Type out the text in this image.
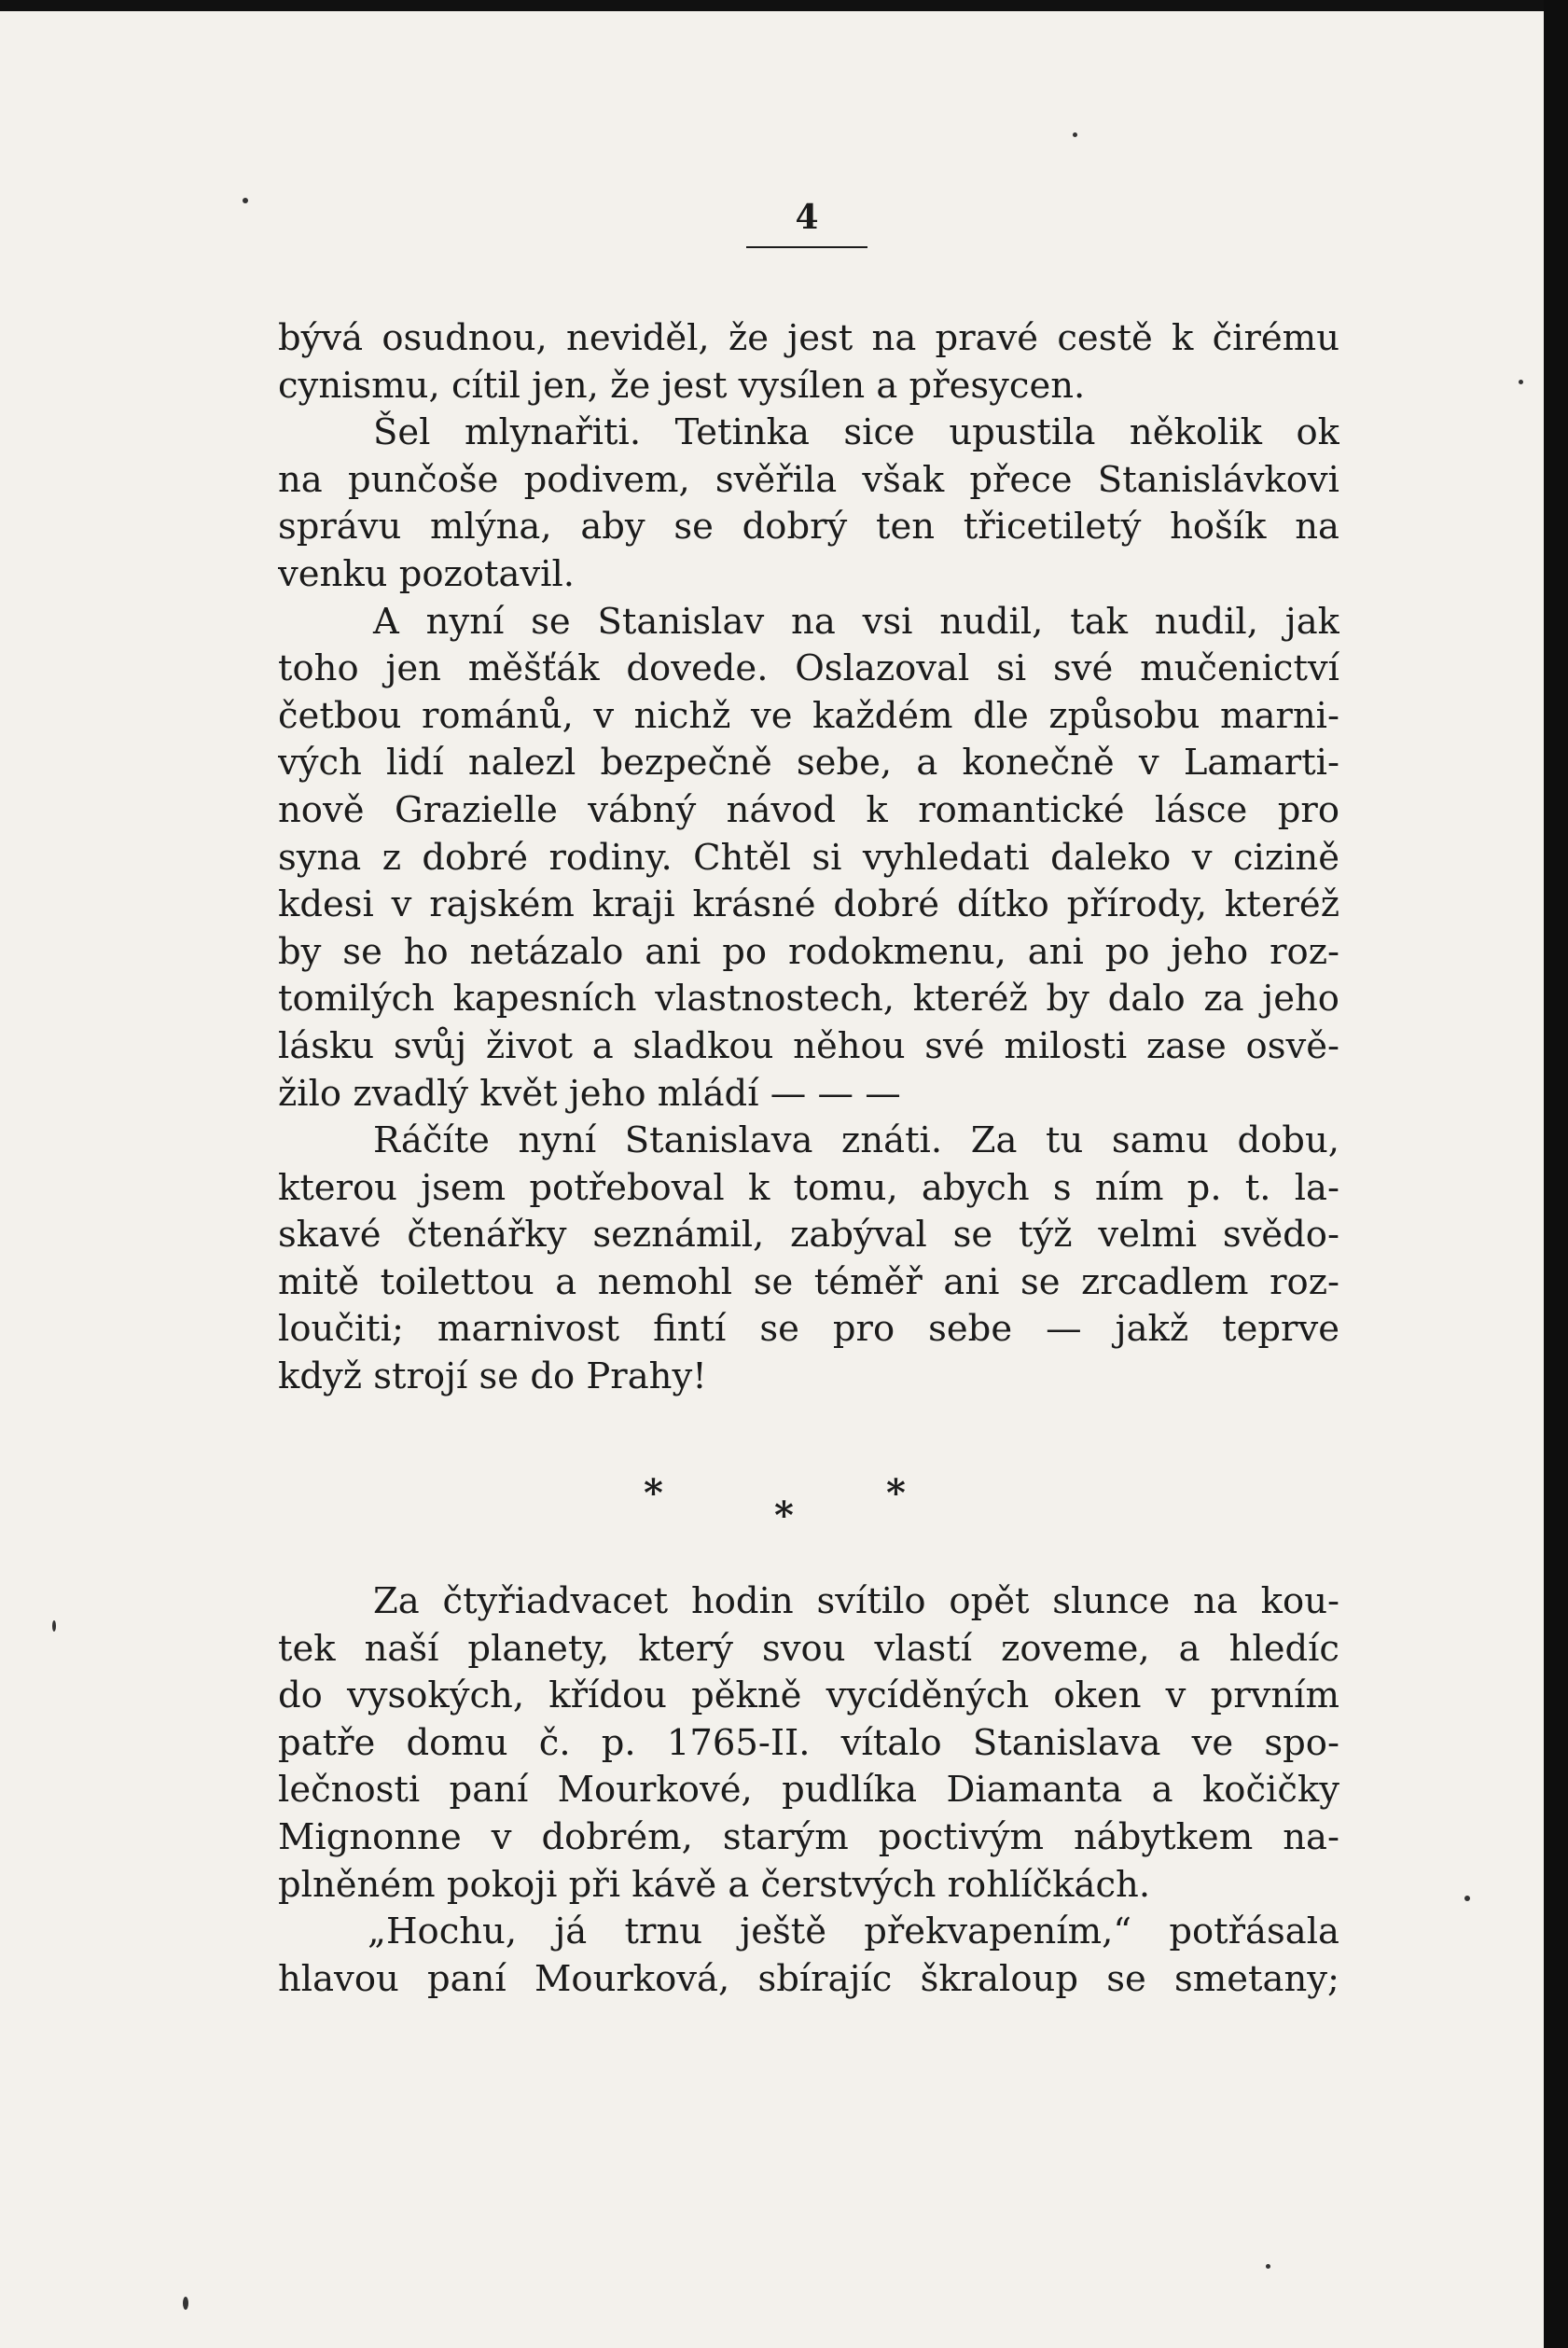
4
bývá osudnou, neviděl, že jest na pravé cestě k čirému
cynismu, cítil jen, že jest vysílen a přesycen.
Šel mlynařiti. Tetinka sice upustila několik ok
na punčoše podivem, svěřila však přece Stanislávkovi
správu mlýna, aby se dobrý ten třicetiletý hošík na
venku pozotavil.
A nyní se Stanislav na vsi nudil, tak nudil, jak
toho jen měšťák dovede. Oslazoval si své mučenictví
četbou románů, v nichž ve každém dle způsobu marni-
vých lidí nalezl bezpečně sebe, a konečně v Lamarti-
nově Grazielle vábný návod k romantické lásce pro
syna z dobré rodiny. Chtěl si vyhledati daleko v cizině
kdesi v rajském kraji krásné dobré dítko přírody, kteréž
by se ho netázalo ani po rodokmenu, ani po jeho roz-
tomilých kapesních vlastnostech, kteréž by dalo za jeho
lásku svůj život a sladkou něhou své milosti zase osvě-
žilo zvadlý květ jeho mládí — — —
Ráčíte nyní Stanislava znáti. Za tu samu dobu,
kterou jsem potřeboval k tomu, abych s ním p. t. la-
skavé čtenářky seznámil, zabýval se týž velmi svědo-
mitě toilettou a nemohl se téměř ani se zrcadlem roz-
loučiti; marnivost fintí se pro sebe — jakž teprve
když strojí se do Prahy!
*
*
*
Za čtyřiadvacet hodin svítilo opět slunce na kou-
tek naší planety, který svou vlastí zoveme, a hledíc
do vysokých, křídou pěkně vycíděných oken v prvním
patře domu č. p. 1765-II. vítalo Stanislava ve spo-
lečnosti paní Mourkové, pudlíka Diamanta a kočičky
Mignonne v dobrém, starým poctivým nábytkem na-
plněném pokoji při kávě a čerstvých rohlíčkách.
„Hochu, já trnu ještě překvapením,“ potřásala
hlavou paní Mourková, sbírajíc škraloup se smetany;
